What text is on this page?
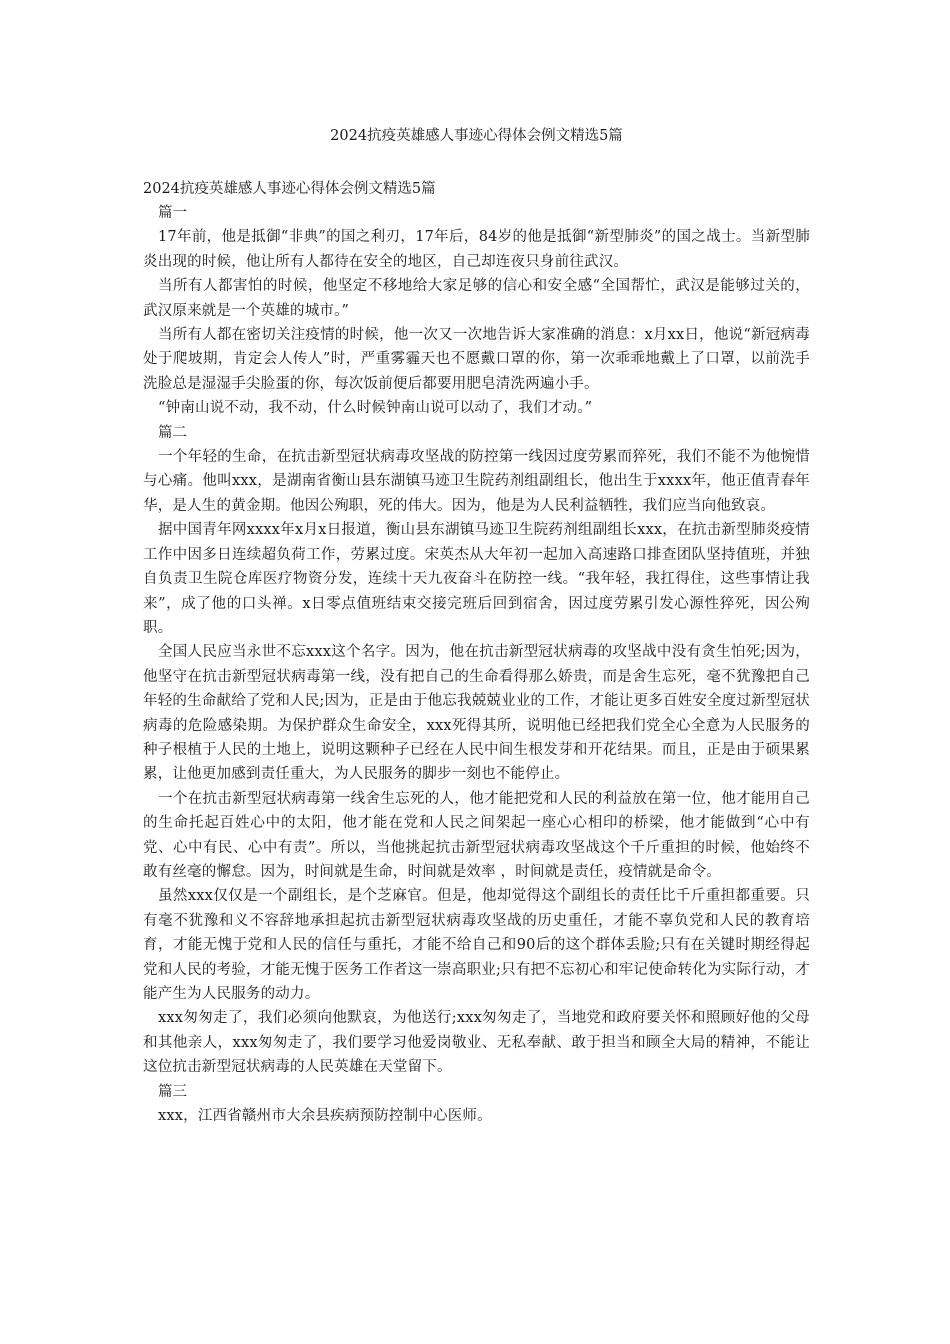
2024抗疫英雄感人事迹心得体会例文精选5篇

2024抗疫英雄感人事迹心得体会例文精选5篇

篇一

17年前，他是抵御“非典”的国之利刃，17年后，84岁的他是抵御“新型肺炎”的国之战士。当新型肺炎出现的时候，他让所有人都待在安全的地区，自己却连夜只身前往武汉。

当所有人都害怕的时候，他坚定不移地给大家足够的信心和安全感“全国帮忙，武汉是能够过关的，武汉原来就是一个英雄的城市。”

当所有人都在密切关注疫情的时候，他一次又一次地告诉大家准确的消息：x月xx日，他说“新冠病毒处于爬坡期，肯定会人传人”时，严重雾霾天也不愿戴口罩的你，第一次乖乖地戴上了口罩，以前洗手洗脸总是湿湿手尖脸蛋的你，每次饭前便后都要用肥皂清洗两遍小手。

“钟南山说不动，我不动，什么时候钟南山说可以动了，我们才动。”

篇二

一个年轻的生命，在抗击新型冠状病毒攻坚战的防控第一线因过度劳累而猝死，我们不能不为他惋惜与心痛。他叫xxx，是湖南省衡山县东湖镇马迹卫生院药剂组副组长，他出生于xxxx年，他正值青春年华，是人生的黄金期。他因公殉职，死的伟大。因为，他是为人民利益牺牲，我们应当向他致哀。

据中国青年网xxxx年x月x日报道，衡山县东湖镇马迹卫生院药剂组副组长xxx，在抗击新型肺炎疫情工作中因多日连续超负荷工作，劳累过度。宋英杰从大年初一起加入高速路口排查团队坚持值班，并独自负责卫生院仓库医疗物资分发，连续十天九夜奋斗在防控一线。“我年轻，我扛得住，这些事情让我来”，成了他的口头禅。x日零点值班结束交接完班后回到宿舍，因过度劳累引发心源性猝死，因公殉职。

全国人民应当永世不忘xxx这个名字。因为，他在抗击新型冠状病毒的攻坚战中没有贪生怕死;因为，他坚守在抗击新型冠状病毒第一线，没有把自己的生命看得那么娇贵，而是舍生忘死，毫不犹豫把自己年轻的生命献给了党和人民;因为，正是由于他忘我兢兢业业的工作，才能让更多百姓安全度过新型冠状病毒的危险感染期。为保护群众生命安全，xxx死得其所，说明他已经把我们党全心全意为人民服务的种子根植于人民的土地上，说明这颗种子已经在人民中间生根发芽和开花结果。而且，正是由于硕果累累，让他更加感到责任重大，为人民服务的脚步一刻也不能停止。

一个在抗击新型冠状病毒第一线舍生忘死的人，他才能把党和人民的利益放在第一位，他才能用自己的生命托起百姓心中的太阳，他才能在党和人民之间架起一座心心相印的桥梁，他才能做到“心中有党、心中有民、心中有责”。所以，当他挑起抗击新型冠状病毒攻坚战这个千斤重担的时候，他始终不敢有丝毫的懈怠。因为，时间就是生命，时间就是效率 ，时间就是责任，疫情就是命令。

虽然xxx仅仅是一个副组长，是个芝麻官。但是，他却觉得这个副组长的责任比千斤重担都重要。只有毫不犹豫和义不容辞地承担起抗击新型冠状病毒攻坚战的历史重任，才能不辜负党和人民的教育培育，才能无愧于党和人民的信任与重托，才能不给自己和90后的这个群体丢脸;只有在关键时期经得起党和人民的考验，才能无愧于医务工作者这一崇高职业;只有把不忘初心和牢记使命转化为实际行动，才能产生为人民服务的动力。

xxx匆匆走了，我们必须向他默哀，为他送行;xxx匆匆走了，当地党和政府要关怀和照顾好他的父母和其他亲人，xxx匆匆走了，我们要学习他爱岗敬业、无私奉献、敢于担当和顾全大局的精神，不能让这位抗击新型冠状病毒的人民英雄在天堂留下。

篇三

xxx，江西省赣州市大余县疾病预防控制中心医师。
